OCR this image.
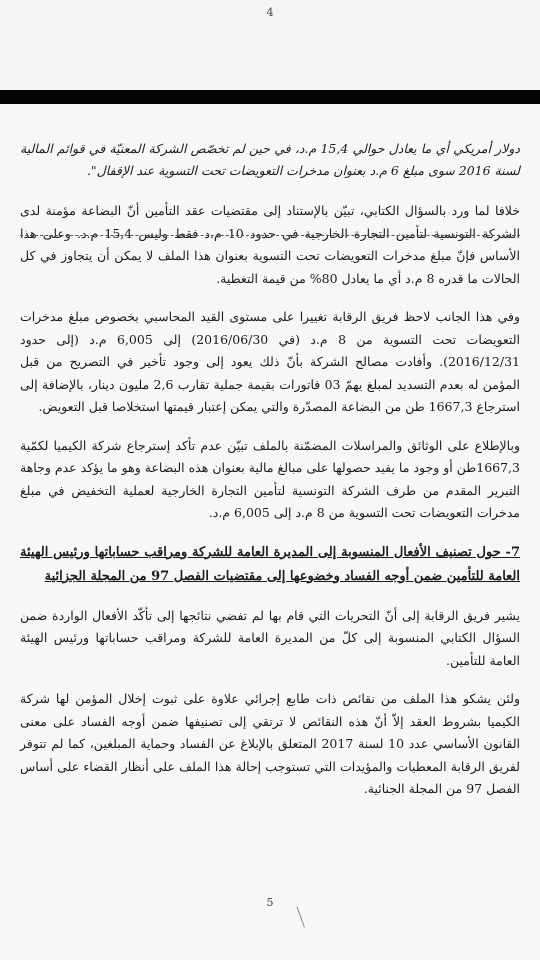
4

دولار أمريكي أي ما يعادل حوالي 15,4 م.د، في حين لم تخصّص الشركة المعنيّة في قوائم المالية لسنة 2016 سوى مبلغ 6 م.د بعنوان مدخرات التعويضات تحت التسوية عند الإقفال".

خلافا لما ورد بالسؤال الكتابي، تبيّن بالإستناد إلى مقتضيات عقد التأمين أنّ البضاعة مؤمنة لدى الشركة التونسية لتأمين التجارة الخارجية في حدود 10 م.د فقط وليس 15,4 م.د. وعلى هذا الأساس فإنّ مبلغ مدخرات التعويضات تحت التسوية بعنوان هذا الملف لا يمكن أن يتجاوز في كل الحالات ما قدره 8 م.د أي ما يعادل 80% من قيمة التغطية.

وفي هذا الجانب لاحظ فريق الرقابة تغييرا على مستوى القيد المحاسبي بخصوص مبلغ مدخرات التعويضات تحت التسوية من 8 م.د (في 2016/06/30) إلى 6,005 م.د (إلى حدود 2016/12/31). وأفادت مصالح الشركة بأنّ ذلك يعود إلى وجود تأخير في التصريح من قبل المؤمن له بعدم التسديد لمبلغ يهمّ 03 فاتورات بقيمة جملية تقارب 2,6 مليون دينار، بالإضافة إلى استرجاع 1667,3 طن من البضاعة المصدّرة والتي يمكن إعتبار قيمتها استخلاصا قبل التعويض.

وبالإطلاع على الوثائق والمراسلات المضمّنة بالملف تبيّن عدم تأكد إسترجاع شركة الكيميا لكمّية 1667,3طن أو وجود ما يفيد حصولها على مبالغ مالية بعنوان هذه البضاعة وهو ما يؤكد عدم وجاهة التبرير المقدم من طرف الشركة التونسية لتأمين التجارة الخارجية لعملية التخفيض في مبلغ مدخرات التعويضات تحت التسوية من 8 م.د إلى 6,005 م.د.

7- حول تصنيف الأفعال المنسوبة إلى المديرة العامة للشركة ومراقب حساباتها ورئيس الهيئة العامة للتأمين ضمن أوجه الفساد وخضوعها إلى مقتضيات الفصل 97 من المجلة الجزائية

يشير فريق الرقابة إلى أنّ التحريات التي قام بها لم تفضي نتائجها إلى تأكّد الأفعال الواردة ضمن السؤال الكتابي المنسوبة إلى كلّ من المديرة العامة للشركة ومراقب حساباتها ورئيس الهيئة العامة للتأمين.

ولئن يشكو هذا الملف من نقائص ذات طابع إجرائي علاوة على ثبوت إخلال المؤمن لها شركة الكيميا بشروط العقد إلاّ أنّ هذه النقائص لا ترتقي إلى تصنيفها ضمن أوجه الفساد على معنى القانون الأساسي عدد 10 لسنة 2017 المتعلق بالإبلاغ عن الفساد وحماية المبلغين، كما لم تتوفر لفريق الرقابة المعطيات والمؤيدات التي تستوجب إحالة هذا الملف على أنظار القضاء على أساس الفصل 97 من المجلة الجنائية.

5
